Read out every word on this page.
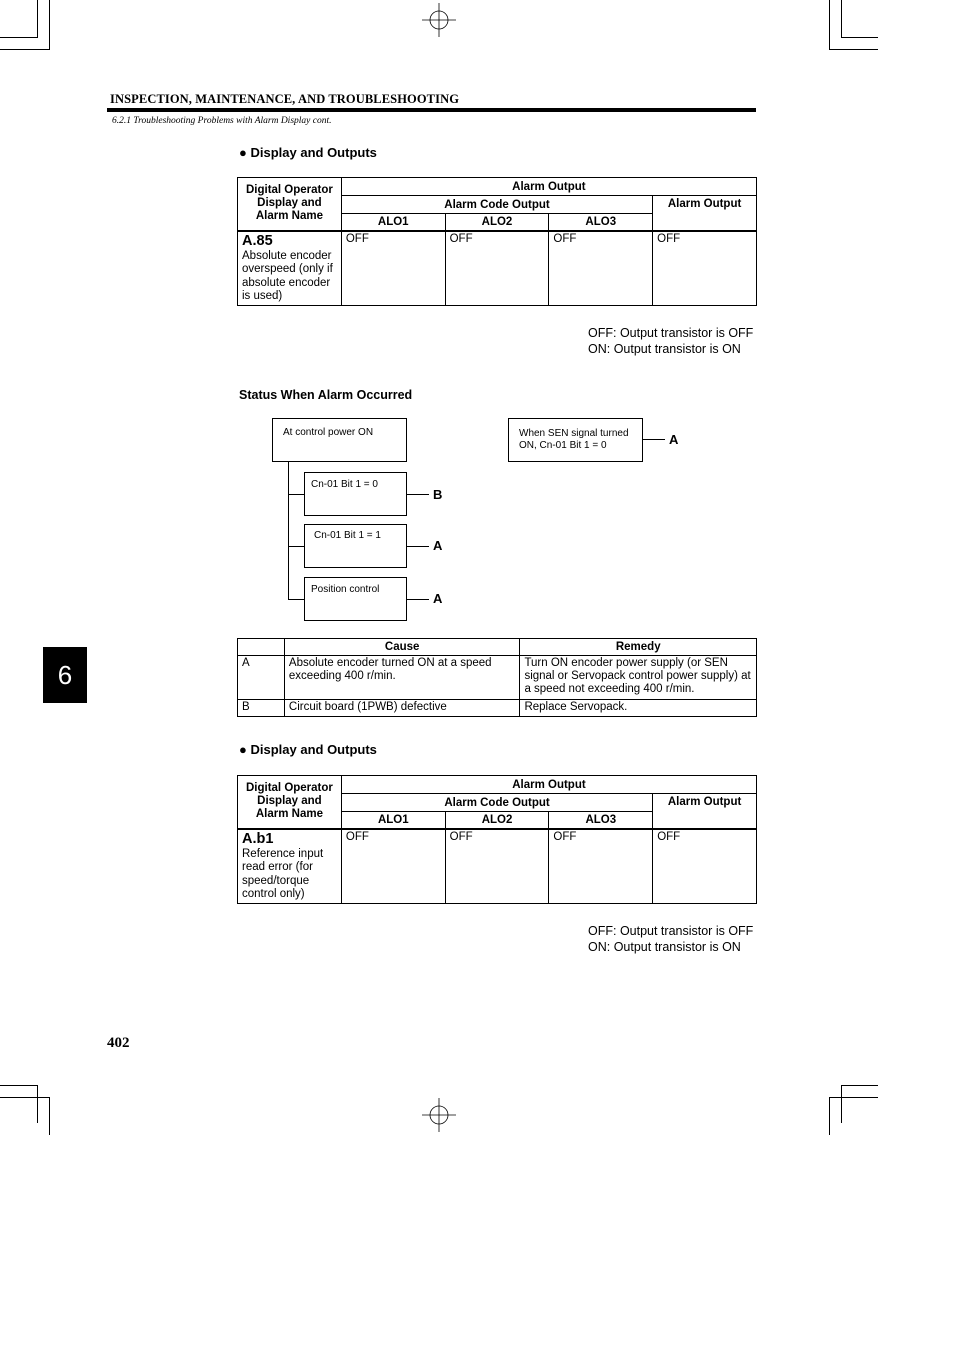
INSPECTION, MAINTENANCE, AND TROUBLESHOOTING
6.2.1 Troubleshooting Problems with Alarm Display cont.
● Display and Outputs
Digital Operator Display and Alarm Name	Alarm Output			
	Alarm Code Output			Alarm Output
	ALO1	ALO2	ALO3	

A.85
Absolute encoder overspeed (only if absolute encoder is used)	OFF	OFF	OFF	OFF
OFF: Output transistor is OFF
ON: Output transistor is ON
Status When Alarm Occurred
At control power ON
Cn-01 Bit 1 = 0
B
Cn-01 Bit 1 = 1
A
Position control
A
When SEN signal turned ON, Cn-01 Bit 1 = 0	A
	Cause	Remedy
A	Absolute encoder turned ON at a speed exceeding 400 r/min.	Turn ON encoder power supply (or SEN signal or Servopack control power supply) at a speed not exceeding 400 r/min.
B	Circuit board (1PWB) defective	Replace Servopack.
● Display and Outputs
Digital Operator Display and Alarm Name	Alarm Output			
	Alarm Code Output			Alarm Output
	ALO1	ALO2	ALO3	

A.b1
Reference input read error (for speed/torque control only)	OFF	OFF	OFF	OFF
OFF: Output transistor is OFF
ON: Output transistor is ON
6
402
